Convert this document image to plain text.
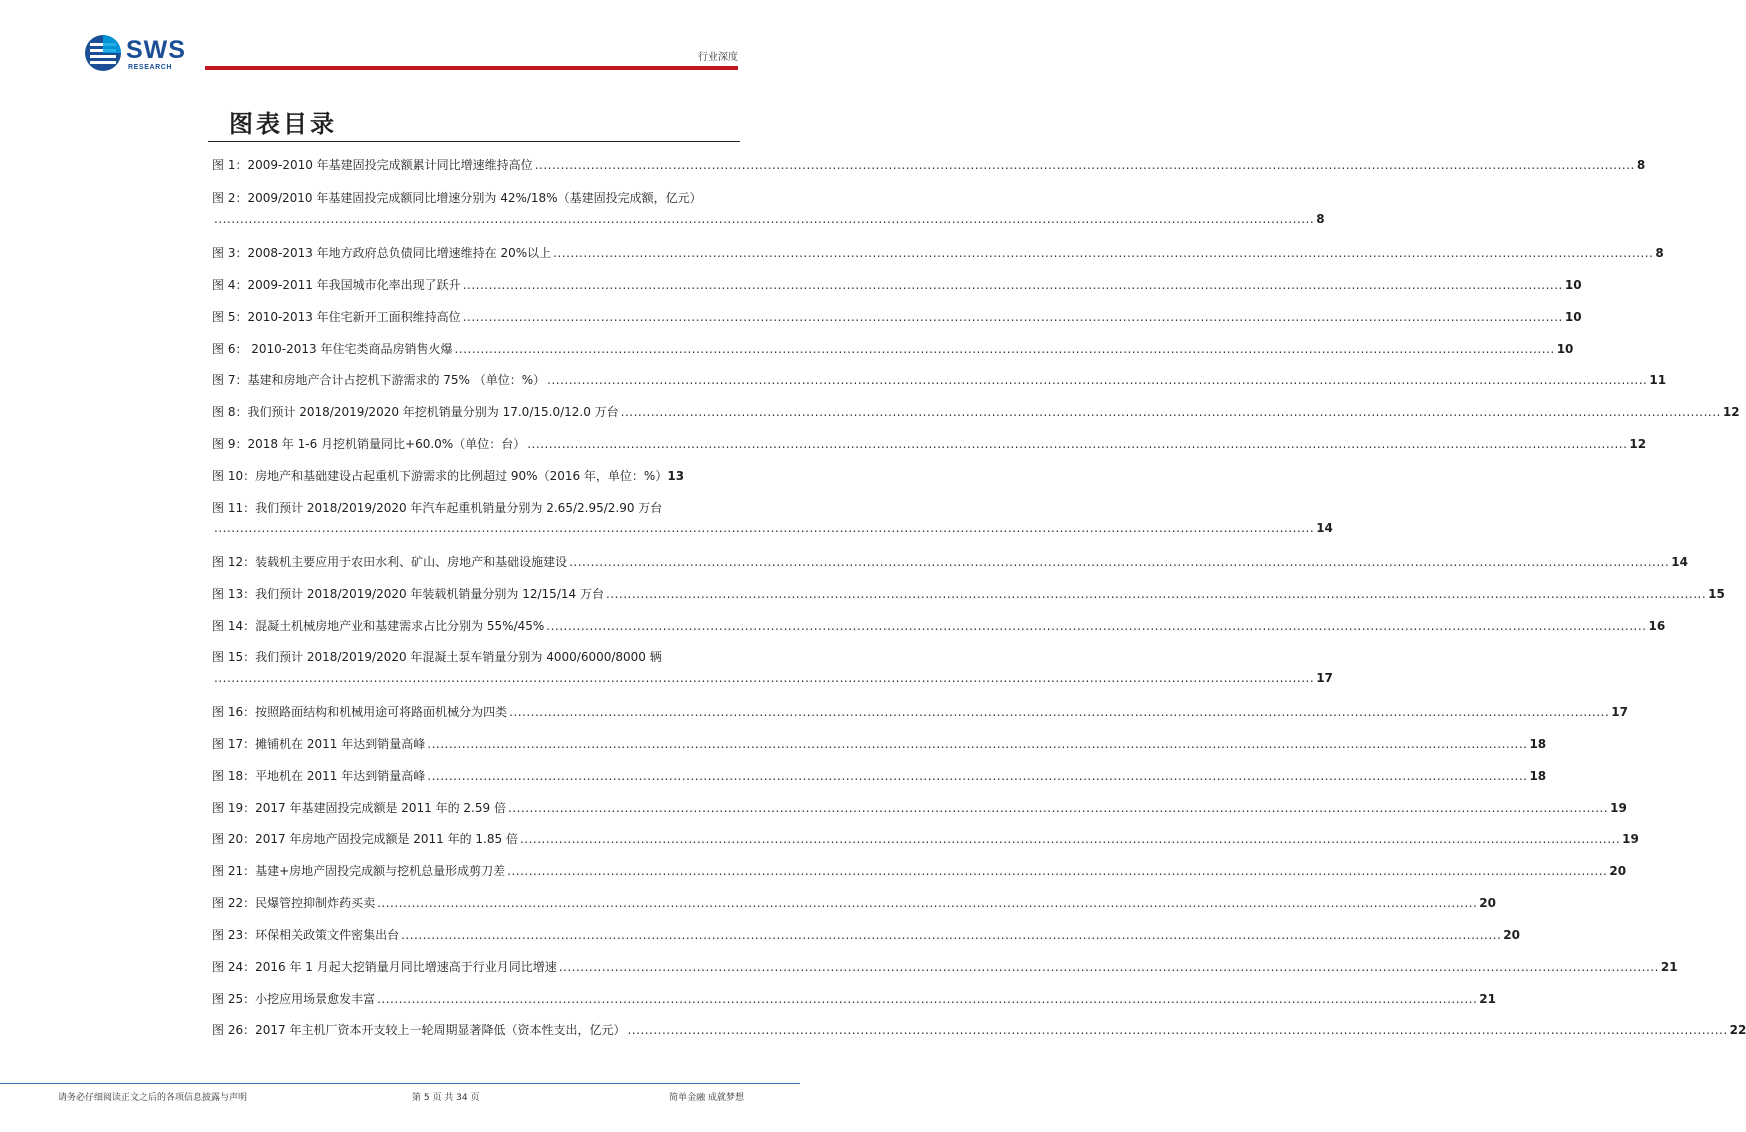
SWS
RESEARCH
行业深度
图表目录
图 1：2009-2010 年基建固投完成额累计同比增速维持高位 .....	8
图 2：2009/2010 年基建固投完成额同比增速分别为 42%/18%（基建固投完成额，亿元）
.....
8
图 3：2008-2013 年地方政府总负债同比增速维持在 20%以上 .....	8
图 4：2009-2011 年我国城市化率出现了跃升 .....	10
图 5：2010-2013 年住宅新开工面积维持高位 .....	10
图 6： 2010-2013 年住宅类商品房销售火爆 .....	10
图 7：基建和房地产合计占挖机下游需求的 75% （单位：%） .....	11
图 8：我们预计 2018/2019/2020 年挖机销量分别为 17.0/15.0/12.0 万台 .....	12
图 9：2018 年 1-6 月挖机销量同比+60.0%（单位：台） .....	12
图 10：房地产和基础建设占起重机下游需求的比例超过 90%（2016 年，单位：%） 13
图 11：我们预计 2018/2019/2020 年汽车起重机销量分别为 2.65/2.95/2.90 万台
.....
14
图 12：装载机主要应用于农田水利、矿山、房地产和基础设施建设 .....	14
图 13：我们预计 2018/2019/2020 年装载机销量分别为 12/15/14 万台 .....	15
图 14：混凝土机械房地产业和基建需求占比分别为 55%/45% .....	16
图 15：我们预计 2018/2019/2020 年混凝土泵车销量分别为 4000/6000/8000 辆
.....
17
图 16：按照路面结构和机械用途可将路面机械分为四类 .....	17
图 17：摊铺机在 2011 年达到销量高峰 .....	18
图 18：平地机在 2011 年达到销量高峰 .....	18
图 19：2017 年基建固投完成额是 2011 年的 2.59 倍 .....	19
图 20：2017 年房地产固投完成额是 2011 年的 1.85 倍 .....	19
图 21：基建+房地产固投完成额与挖机总量形成剪刀差 .....	20
图 22：民爆管控抑制炸药买卖 .....	20
图 23：环保相关政策文件密集出台 .....	20
图 24：2016 年 1 月起大挖销量月同比增速高于行业月同比增速 .....	21
图 25：小挖应用场景愈发丰富 .....	21
图 26：2017 年主机厂资本开支较上一轮周期显著降低（资本性支出，亿元） .....	22
请务必仔细阅读正文之后的各项信息披露与声明	第 5 页 共 34 页	简单金融 成就梦想
